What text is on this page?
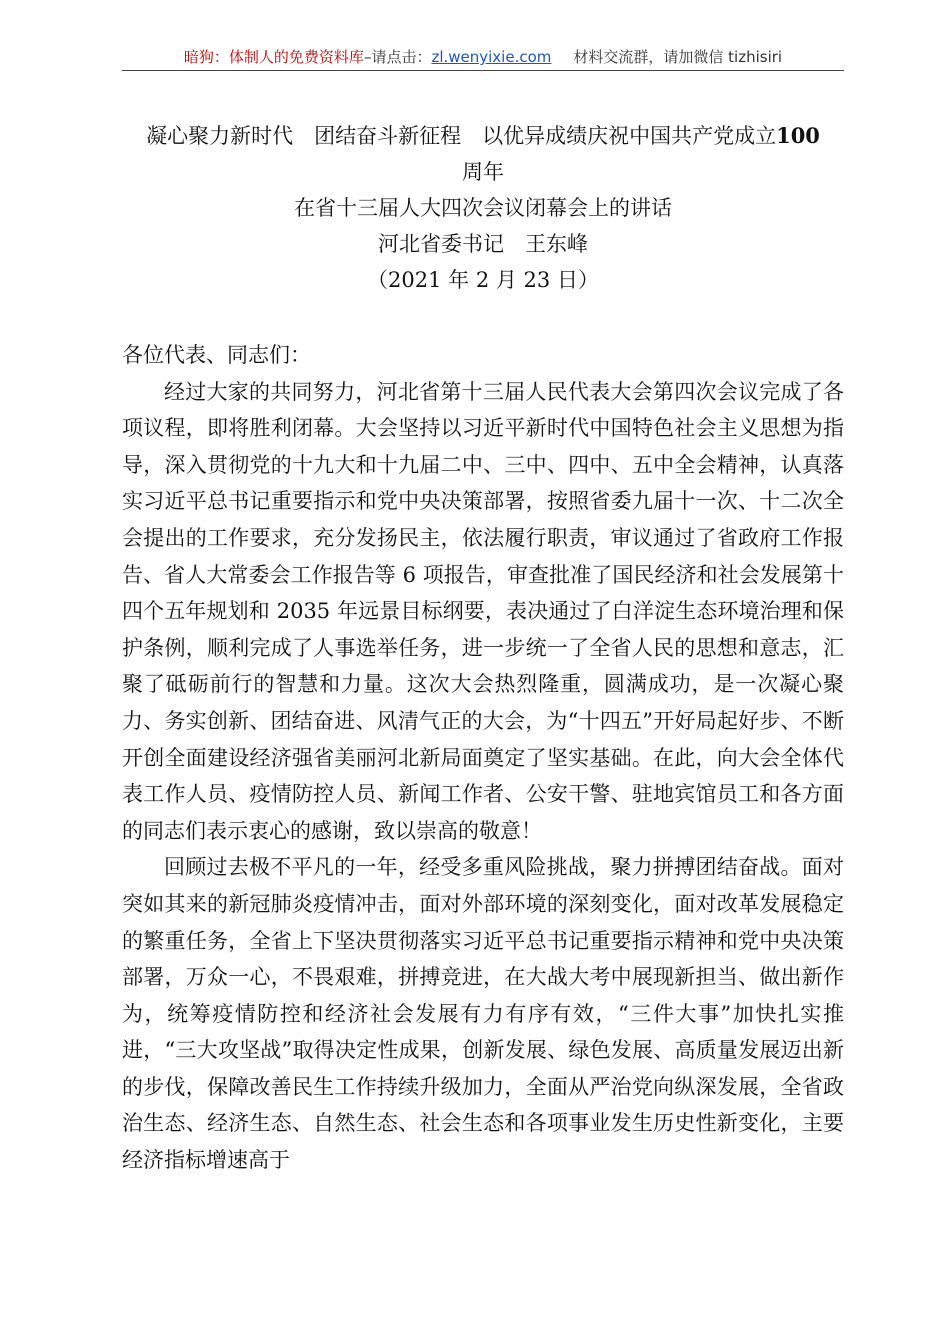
暗狗：体制人的免费资料库 –请点击： zl.wenyixie.com 材料交流群，请加微信 tizhisiri
凝心聚力新时代　团结奋斗新征程　以优异成绩庆祝中国共产党成立100
周年
在省十三届人大四次会议闭幕会上的讲话
河北省委书记　王东峰
（2021 年 2 月 23 日）

各位代表、同志们：

经过大家的共同努力，河北省第十三届人民代表大会第四次会议完成了各项议程，即将胜利闭幕。大会坚持以习近平新时代中国特色社会主义思想为指导，深入贯彻党的十九大和十九届二中、三中、四中、五中全会精神，认真落实习近平总书记重要指示和党中央决策部署，按照省委九届十一次、十二次全会提出的工作要求，充分发扬民主，依法履行职责，审议通过了省政府工作报告、省人大常委会工作报告等 6 项报告，审查批准了国民经济和社会发展第十四个五年规划和 2035 年远景目标纲要，表决通过了白洋淀生态环境治理和保护条例，顺利完成了人事选举任务，进一步统一了全省人民的思想和意志，汇聚了砥砺前行的智慧和力量。这次大会热烈隆重，圆满成功，是一次凝心聚力、务实创新、团结奋进、风清气正的大会，为“十四五”开好局起好步、不断开创全面建设经济强省美丽河北新局面奠定了坚实基础。在此，向大会全体代表工作人员、疫情防控人员、新闻工作者、公安干警、驻地宾馆员工和各方面的同志们表示衷心的感谢，致以崇高的敬意！

回顾过去极不平凡的一年，经受多重风险挑战，聚力拼搏团结奋战。面对突如其来的新冠肺炎疫情冲击，面对外部环境的深刻变化，面对改革发展稳定的繁重任务，全省上下坚决贯彻落实习近平总书记重要指示精神和党中央决策部署，万众一心，不畏艰难，拼搏竞进，在大战大考中展现新担当、做出新作为，统筹疫情防控和经济社会发展有力有序有效，“三件大事”加快扎实推进，“三大攻坚战”取得决定性成果，创新发展、绿色发展、高质量发展迈出新的步伐，保障改善民生工作持续升级加力，全面从严治党向纵深发展，全省政治生态、经济生态、自然生态、社会生态和各项事业发生历史性新变化，主要经济指标增速高于
